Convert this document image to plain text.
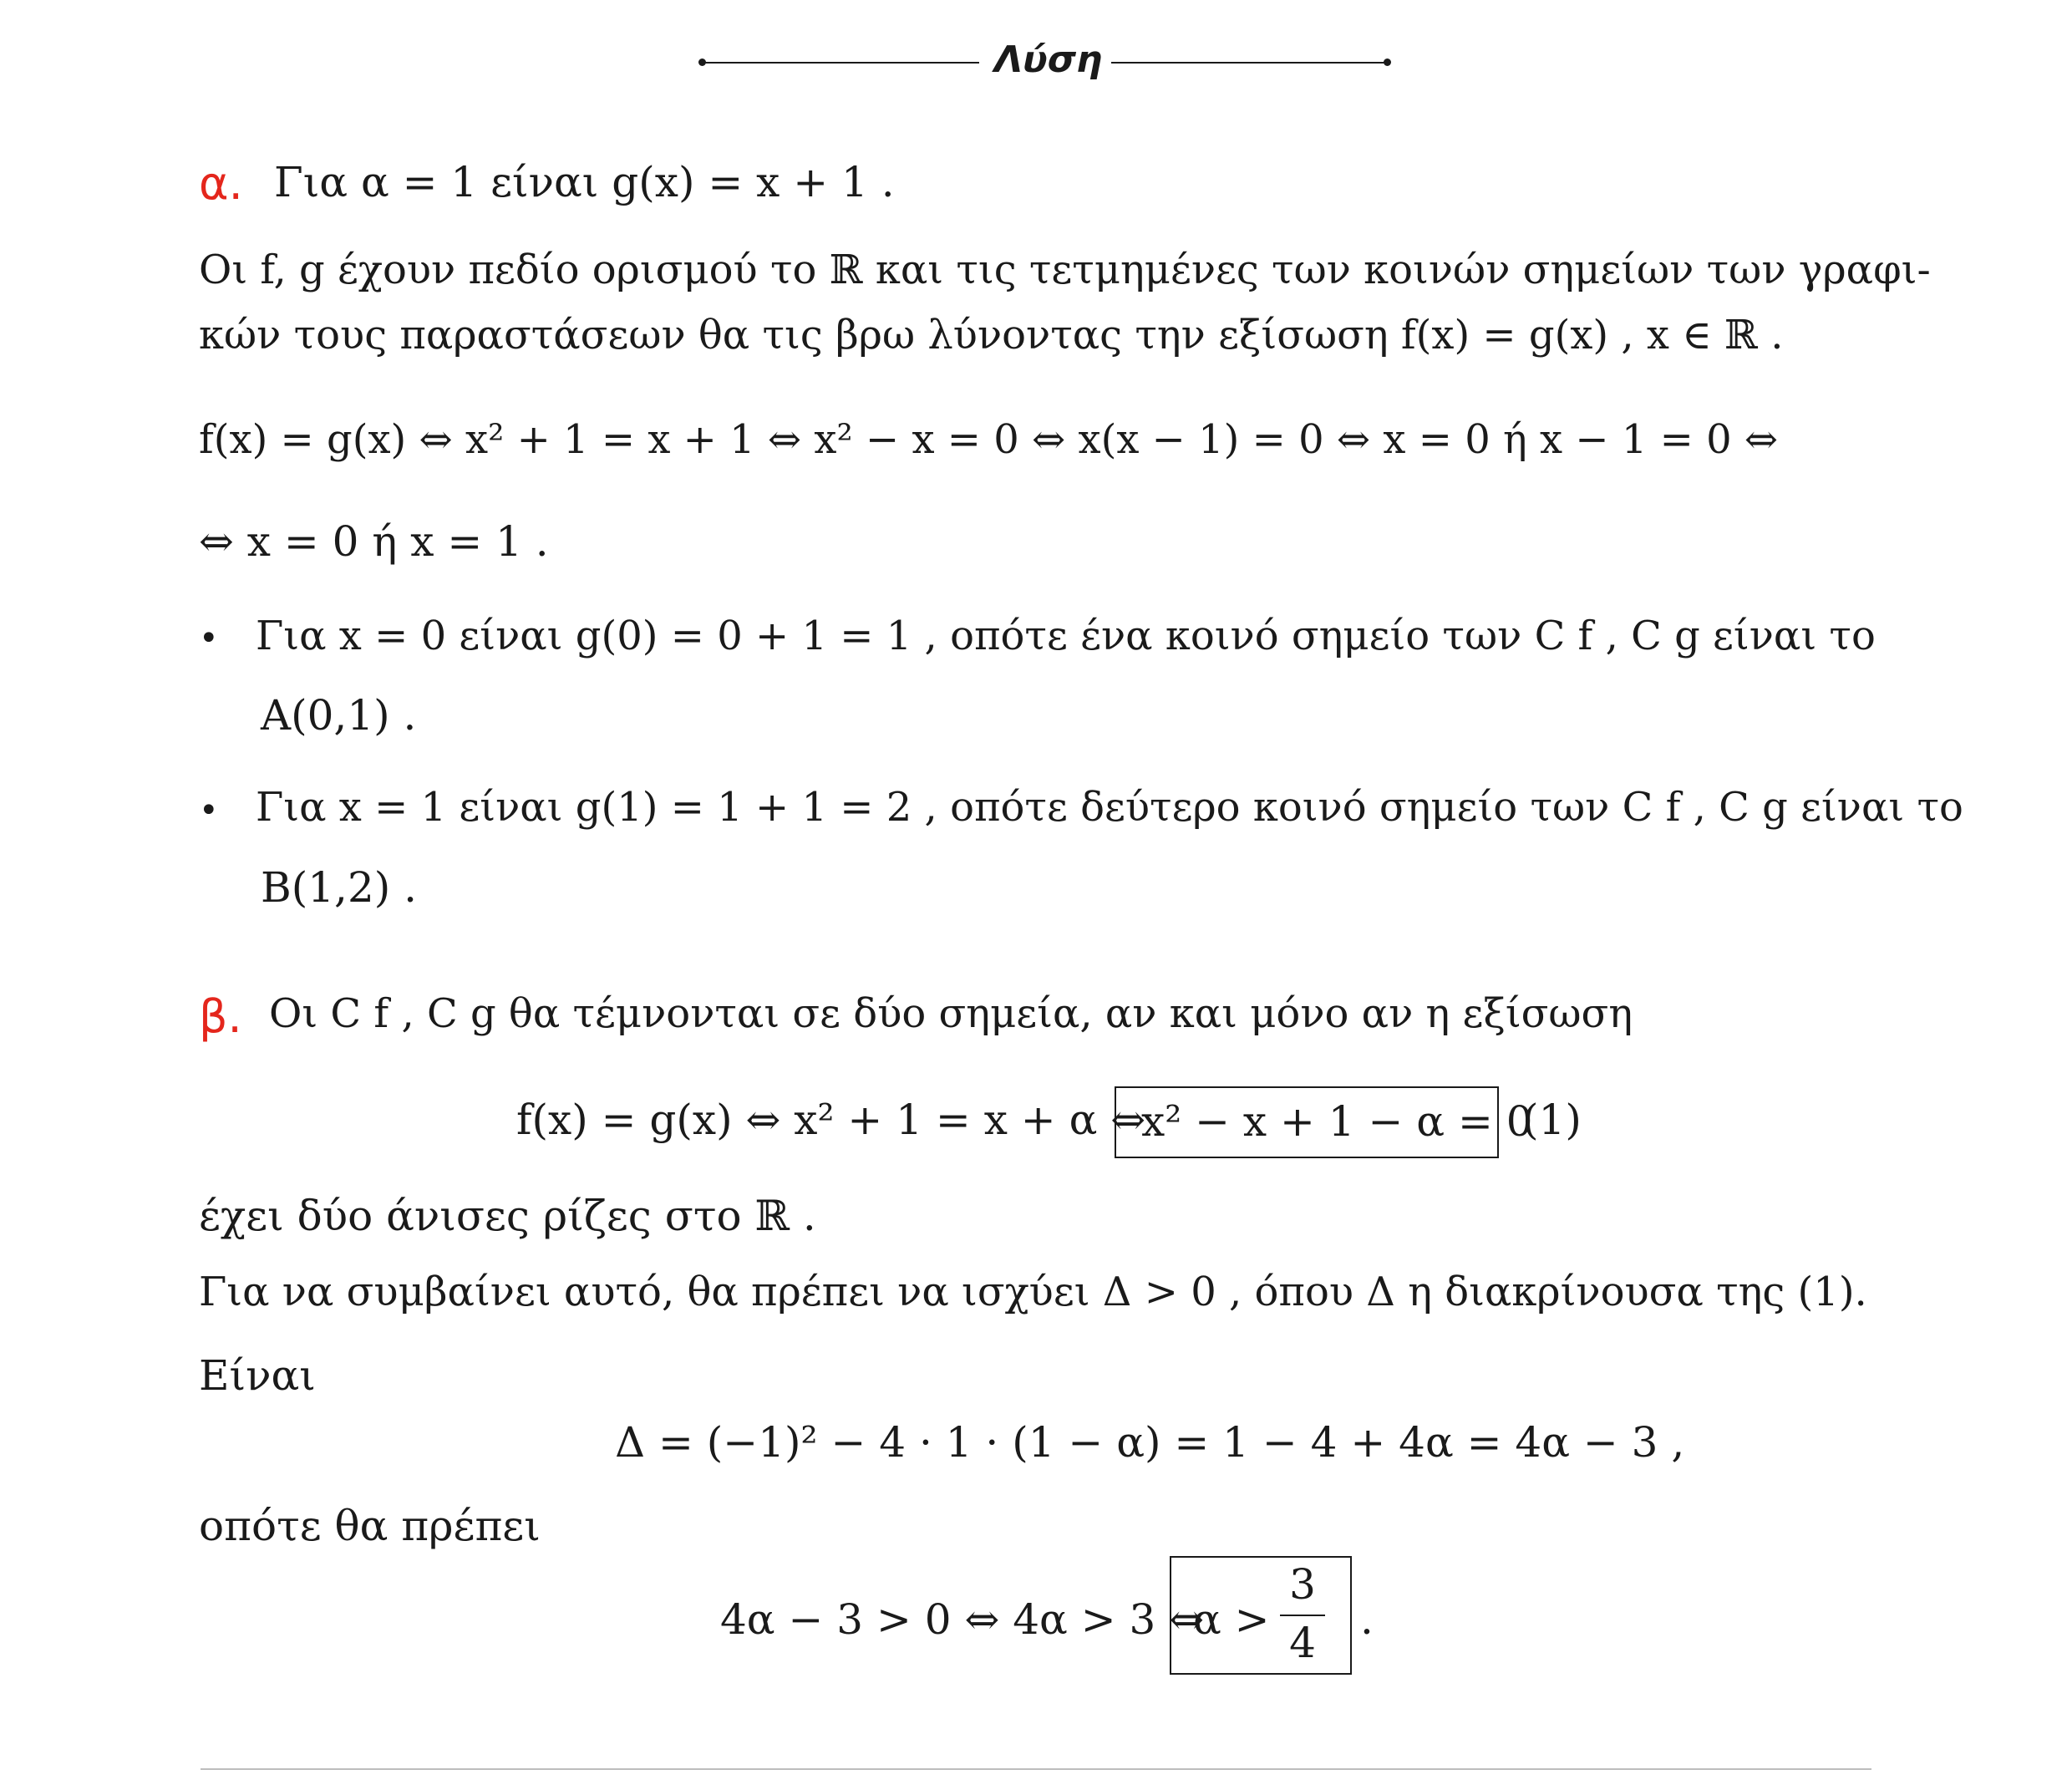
Λύση
α. Για α = 1 είναι g(x) = x + 1 .
Οι f, g έχουν πεδίο ορισμού το ℝ και τις τετμημένες των κοινών σημείων των γραφι-
κών τους παραστάσεων θα τις βρω λύνοντας την εξίσωση f(x) = g(x) , x ∈ ℝ .
f(x) = g(x) ⇔ x² + 1 = x + 1 ⇔ x² − x = 0 ⇔ x(x − 1) = 0 ⇔ x = 0 ή x − 1 = 0 ⇔
⇔ x = 0 ή x = 1 .
• Για x = 0 είναι g(0) = 0 + 1 = 1 , οπότε ένα κοινό σημείο των C f , C g είναι το
A(0,1) .
• Για x = 1 είναι g(1) = 1 + 1 = 2 , οπότε δεύτερο κοινό σημείο των C f , C g είναι το
B(1,2) .
β. Οι C f , C g θα τέμνονται σε δύο σημεία, αν και μόνο αν η εξίσωση
f(x) = g(x) ⇔ x² + 1 = x + α ⇔
x² − x + 1 − α = 0
(1)
έχει δύο άνισες ρίζες στο ℝ .
Για να συμβαίνει αυτό, θα πρέπει να ισχύει Δ > 0 , όπου Δ η διακρίνουσα της (1).
Είναι
Δ = (−1)² − 4 · 1 · (1 − α) = 1 − 4 + 4α = 4α − 3 ,
οπότε θα πρέπει
4α − 3 > 0 ⇔ 4α > 3 ⇔
α >
3
4 .
